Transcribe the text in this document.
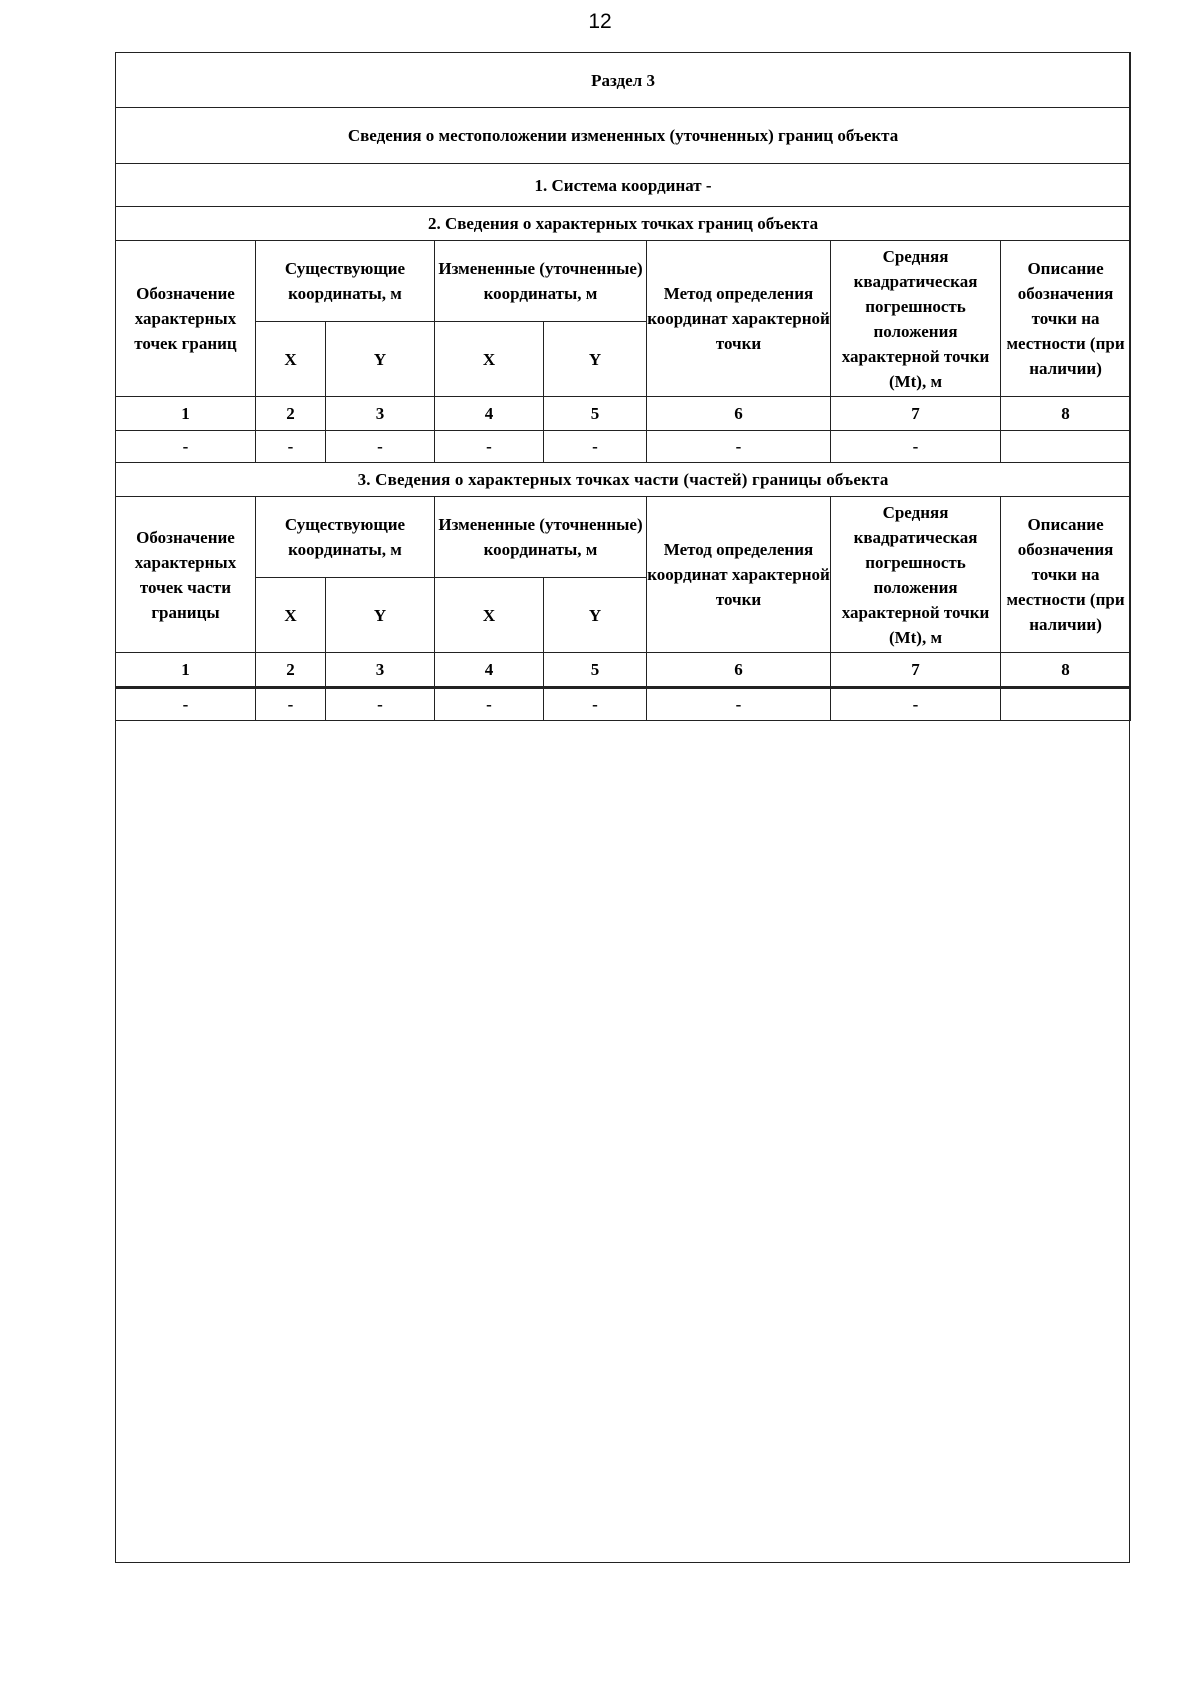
12
Раздел 3							
Сведения о местоположении измененных (уточненных) границ объекта							
1. Система координат -							
2. Сведения о характерных точках границ объекта							

Обозначение характерных точек границ	Существующие координаты, м		Измененные (уточненные) координаты, м		Метод определения координат характерной точки	Средняя квадратическая погрешность положения характерной точки (Mt), м	Описание обозначения точки на местности (при наличии)

	X	Y	X	Y			
1	2	3	4	5	6	7	8
-	-	-	-	-	-	-	
3. Сведения о характерных точках части (частей) границы объекта							

Обозначение характерных точек части границы	Существующие координаты, м		Измененные (уточненные) координаты, м		Метод определения координат характерной точки	Средняя квадратическая погрешность положения характерной точки (Mt), м	Описание обозначения точки на местности (при наличии)

	X	Y	X	Y			
1	2	3	4	5	6	7	8
-	-	-	-	-	-	-	
